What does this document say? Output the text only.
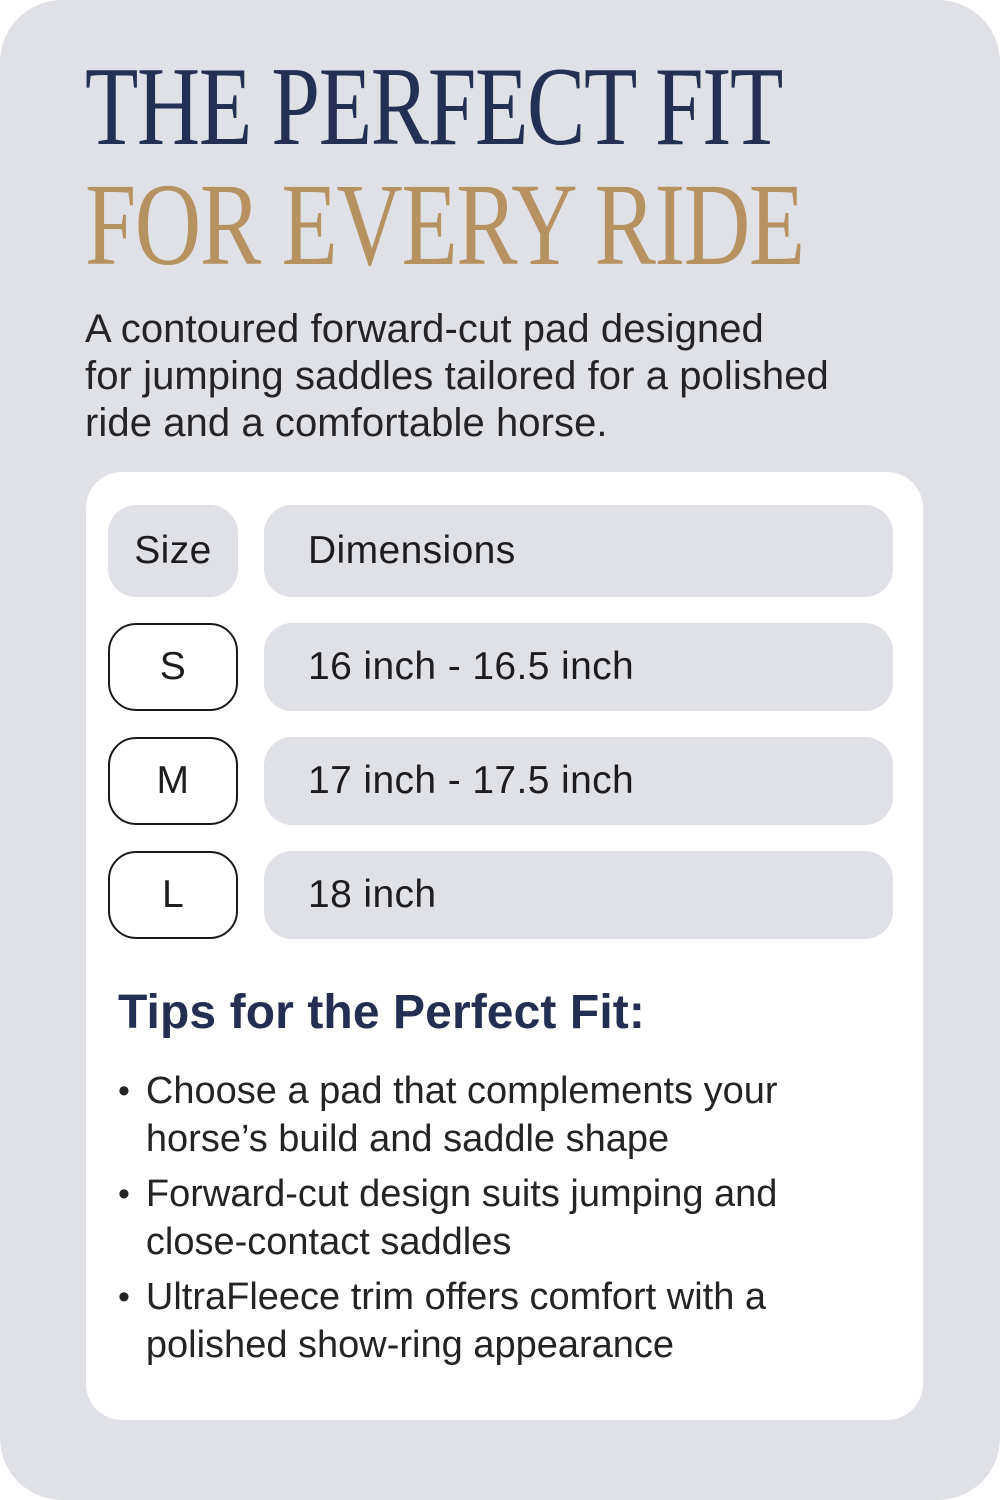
THE PERFECT FIT
FOR EVERY RIDE
A contoured forward-cut pad designed
for jumping saddles tailored for a polished
ride and a comfortable horse.
Size Dimensions
S	16 inch - 16.5 inch
M	17 inch - 17.5 inch
L	18 inch
Tips for the Perfect Fit:
• Choose a pad that complements your horse’s build and saddle shape
• Forward-cut design suits jumping and close-contact saddles
• UltraFleece trim offers comfort with a polished show-ring appearance
